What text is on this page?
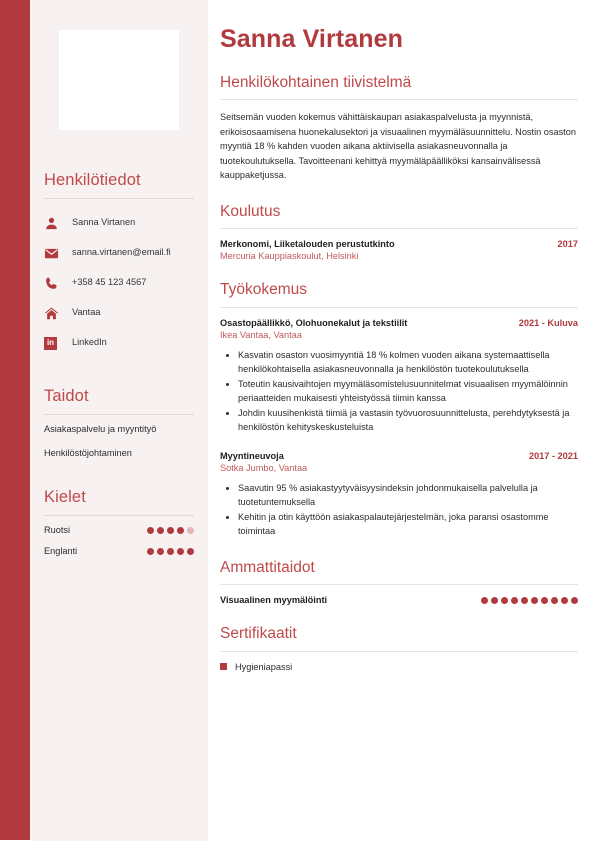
Henkilötiedot
Sanna Virtanen
sanna.virtanen@email.fi
+358 45 123 4567
Vantaa
in	LinkedIn
Taidot

Asiakaspalvelu ja myyntityö

Henkilöstöjohtaminen

Kielet
Ruotsi
Englanti
Sanna Virtanen
Henkilökohtainen tiivistelmä

Seitsemän vuoden kokemus vähittäiskaupan asiakaspalvelusta ja myynnistä, erikoisosaamisena huonekalusektori ja visuaalinen myymäläsuunnittelu. Nostin osaston myyntiä 18 % kahden vuoden aikana aktiivisella asiakasneuvonnalla ja tuotekoulutuksella. Tavoitteenani kehittyä myymäläpäälliköksi kansainvälisessä kauppaketjussa.

Koulutus
Merkonomi, Liiketalouden perustutkinto	2017
Mercuria Kauppiaskoulut, Helsinki
Työkokemus
Osastopäällikkö, Olohuonekalut ja tekstiilit	2021 - Kuluva
Ikea Vantaa, Vantaa
• Kasvatin osaston vuosimyyntiä 18 % kolmen vuoden aikana systemaattisella henkilökohtaisella asiakasneuvonnalla ja henkilöstön tuotekoulutuksella
• Toteutin kausivaihtojen myymäläsomistelusuunnitelmat visuaalisen myymälöinnin periaatteiden mukaisesti yhteistyössä tiimin kanssa
• Johdin kuusihenkistä tiimiä ja vastasin työvuorosuunnittelusta, perehdytyksestä ja henkilöstön kehityskeskusteluista
Myyntineuvoja	2017 - 2021
Sotka Jumbo, Vantaa
• Saavutin 95 % asiakastyytyväisyysindeksin johdonmukaisella palvelulla ja tuotetuntemuksella
• Kehitin ja otin käyttöön asiakaspalautejärjestelmän, joka paransi osastomme toimintaa
Ammattitaidot
Visuaalinen myymälöinti
Sertifikaatit
Hygieniapassi
